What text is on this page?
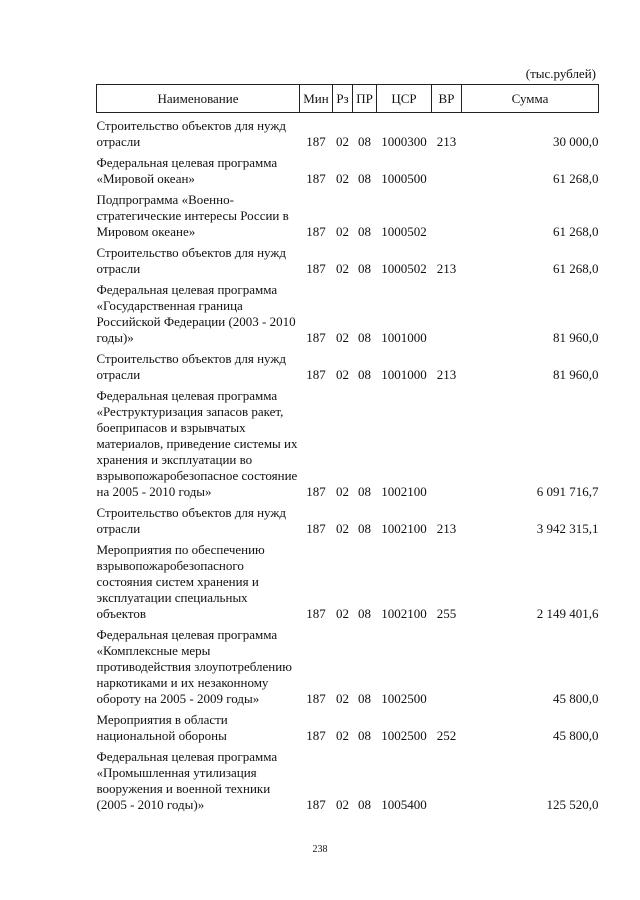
(тыс.рублей)
Наименование	Мин	Рз	ПР	ЦСР	ВР	Сумма
Строительство объектов для нужд отрасли	187	02	08	1000300	213	30 000,0
Федеральная целевая программа «Мировой океан»	187	02	08	1000500		61 268,0
Подпрограмма «Военно-стратегические интересы России в Мировом океане»	187	02	08	1000502		61 268,0
Строительство объектов для нужд отрасли	187	02	08	1000502	213	61 268,0
Федеральная целевая программа «Государственная граница Российской Федерации (2003 - 2010 годы)»	187	02	08	1001000		81 960,0
Строительство объектов для нужд отрасли	187	02	08	1001000	213	81 960,0
Федеральная целевая программа «Реструктуризация запасов ракет, боеприпасов и взрывчатых материалов, приведение системы их хранения и эксплуатации во взрывопожаробезопасное состояние на 2005 - 2010 годы»	187	02	08	1002100		6 091 716,7
Строительство объектов для нужд отрасли	187	02	08	1002100	213	3 942 315,1
Мероприятия по обеспечению взрывопожаробезопасного состояния систем хранения и эксплуатации специальных объектов	187	02	08	1002100	255	2 149 401,6
Федеральная целевая программа «Комплексные меры противодействия злоупотреблению наркотиками и их незаконному обороту на 2005 - 2009 годы»	187	02	08	1002500		45 800,0
Мероприятия в области национальной обороны	187	02	08	1002500	252	45 800,0
Федеральная целевая программа «Промышленная утилизация вооружения и военной техники (2005 - 2010 годы)»	187	02	08	1005400		125 520,0
238
